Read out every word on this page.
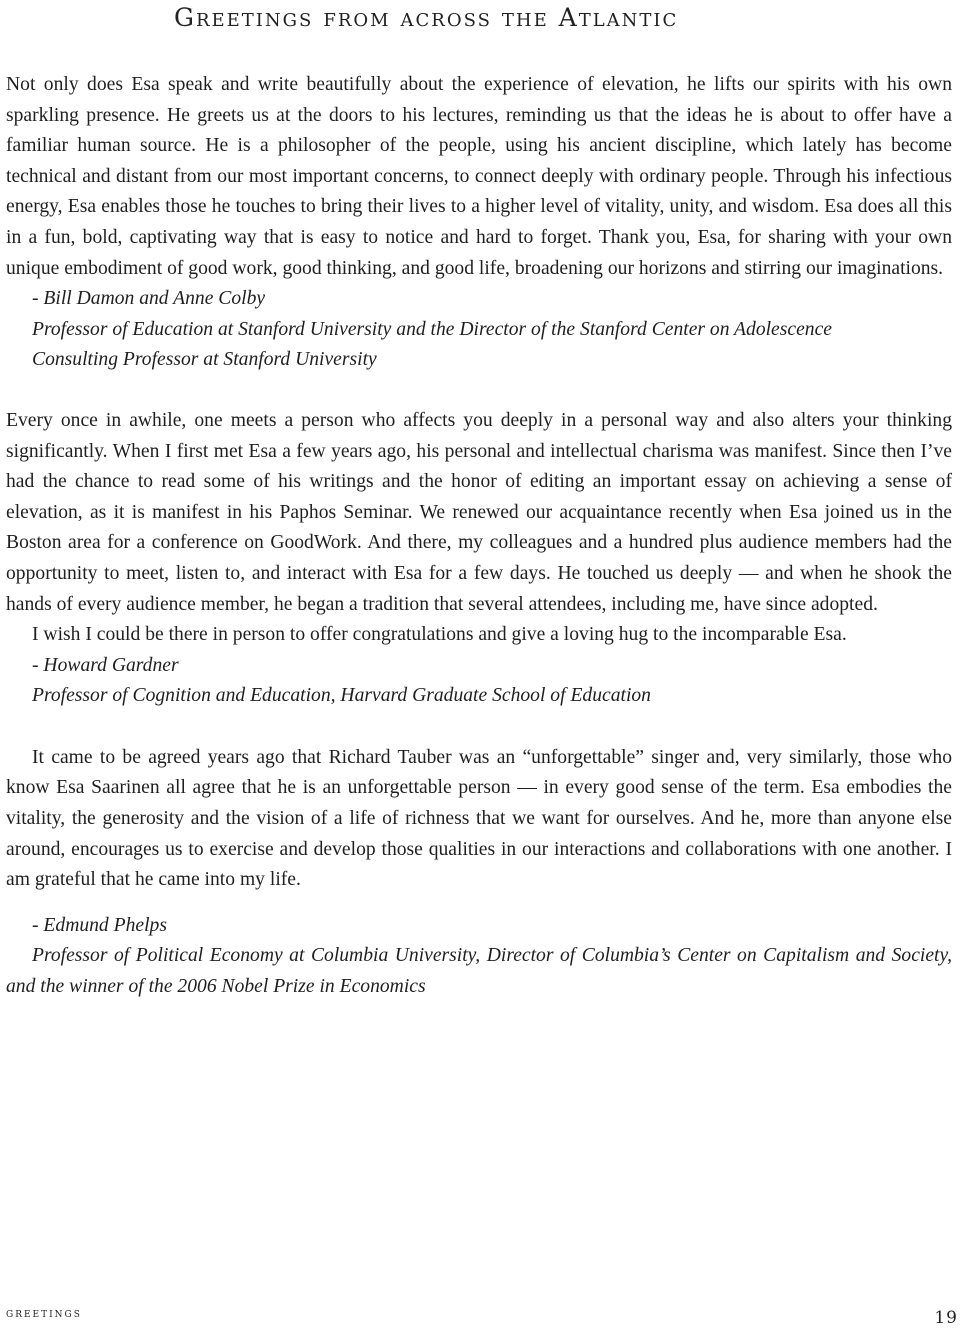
Greetings from across the Atlantic

Not only does Esa speak and write beautifully about the experience of elevation, he lifts our spirits with his own sparkling presence. He greets us at the doors to his lectures, reminding us that the ideas he is about to offer have a familiar human source. He is a philosopher of the people, using his ancient discipline, which lately has become technical and distant from our most important concerns, to connect deeply with ordinary people. Through his infectious energy, Esa enables those he touches to bring their lives to a higher level of vitality, unity, and wisdom. Esa does all this in a fun, bold, captivating way that is easy to notice and hard to forget. Thank you, Esa, for sharing with your own unique embodiment of good work, good thinking, and good life, broadening our horizons and stirring our imaginations.

- Bill Damon and Anne Colby

Professor of Education at Stanford University and the Director of the Stanford Center on Adolescence

Consulting Professor at Stanford University

Every once in awhile, one meets a person who affects you deeply in a personal way and also alters your thinking significantly. When I first met Esa a few years ago, his personal and intellectual charisma was manifest. Since then I’ve had the chance to read some of his writings and the honor of editing an important essay on achieving a sense of elevation, as it is manifest in his Paphos Seminar. We renewed our acquaintance recently when Esa joined us in the Boston area for a conference on GoodWork. And there, my colleagues and a hundred plus audience members had the opportunity to meet, listen to, and interact with Esa for a few days. He touched us deeply — and when he shook the hands of every audience member, he began a tradition that several attendees, including me, have since adopted.

I wish I could be there in person to offer congratulations and give a loving hug to the incomparable Esa.

- Howard Gardner

Professor of Cognition and Education, Harvard Graduate School of Education

It came to be agreed years ago that Richard Tauber was an “unforgettable” singer and, very similarly, those who know Esa Saarinen all agree that he is an unforgettable person — in every good sense of the term. Esa embodies the vitality, the generosity and the vision of a life of richness that we want for ourselves. And he, more than anyone else around, encourages us to exercise and develop those qualities in our interactions and collaborations with one another. I am grateful that he came into my life.

- Edmund Phelps

Professor of Political Economy at Columbia University, Director of Columbia’s Center on Capitalism and Society, and the winner of the 2006 Nobel Prize in Economics

greetings	19
